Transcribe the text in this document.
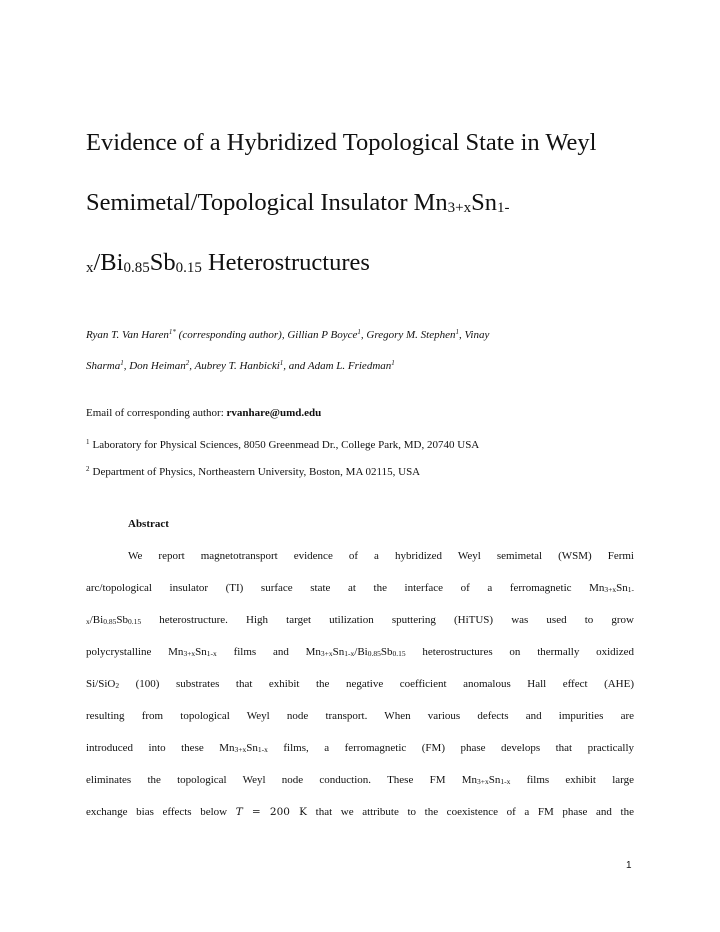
Evidence of a Hybridized Topological State in Weyl
Semimetal/Topological Insulator $Mn_{3+x}Sn_{1-}$
$_x/Bi_{0.85}Sb_{0.15}$ Heterostructures
Ryan T. Van Haren$^{1*}$ (corresponding author), Gillian P Boyce$^1$, Gregory M. Stephen$^1$, Vinay
Sharma$^1$, Don Heiman$^2$, Aubrey T. Hanbicki$^1$, and Adam L. Friedman$^1$
Email of corresponding author: rvanhare@umd.edu
$^1$ Laboratory for Physical Sciences, 8050 Greenmead Dr., College Park, MD, 20740 USA
$^2$ Department of Physics, Northeastern University, Boston, MA 02115, USA
Abstract
We report magnetotransport evidence of a hybridized Weyl semimetal (WSM) Fermi
arc/topological insulator (TI) surface state at the interface of a ferromagnetic $Mn_{3+x}Sn_{1-}$
$_x/Bi_{0.85}Sb_{0.15}$ heterostructure. High target utilization sputtering (HiTUS) was used to grow
polycrystalline $Mn_{3+x}Sn_{1-x}$ films and $Mn_{3+x}Sn_{1-x}/Bi_{0.85}Sb_{0.15}$ heterostructures on thermally oxidized
Si/SiO$_2$ (100) substrates that exhibit the negative coefficient anomalous Hall effect (AHE)
resulting from topological Weyl node transport. When various defects and impurities are
introduced into these $Mn_{3+x}Sn_{1-x}$ films, a ferromagnetic (FM) phase develops that practically
eliminates the topological Weyl node conduction. These FM $Mn_{3+x}Sn_{1-x}$ films exhibit large
exchange bias effects below T = 200 K that we attribute to the coexistence of a FM phase and the
1
